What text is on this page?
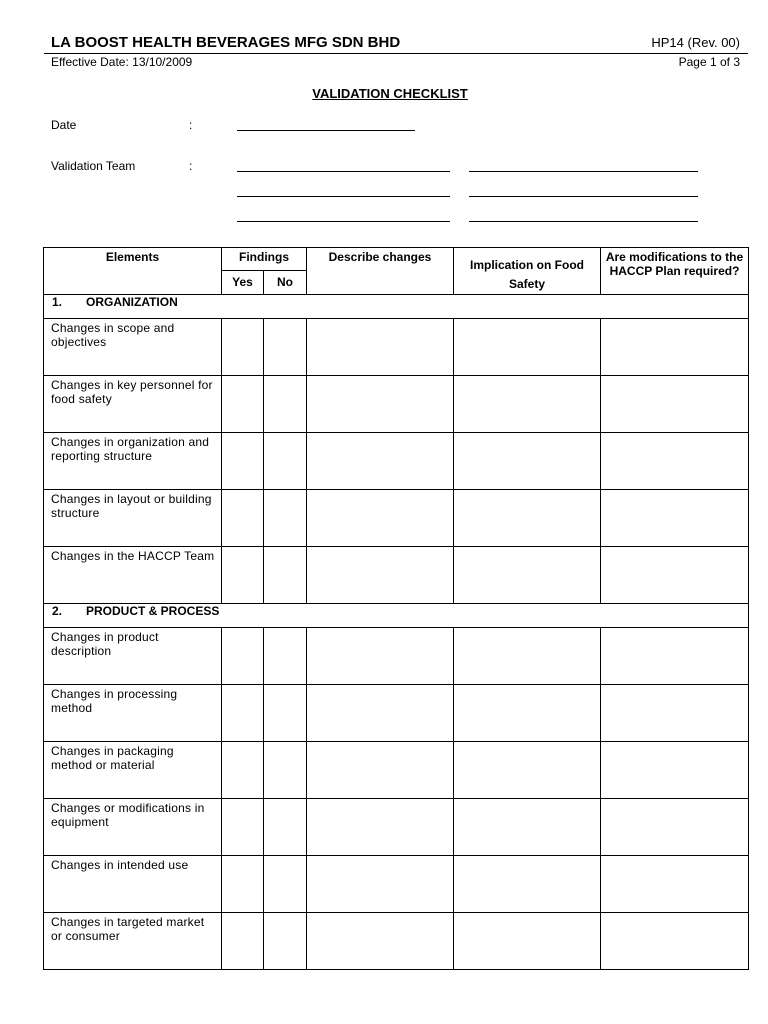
LA BOOST HEALTH BEVERAGES MFG SDN BHD	HP14 (Rev. 00)
Effective Date: 13/10/2009	Page 1 of 3
VALIDATION CHECKLIST
Date	:
Validation Team	:
Elements	Findings		Describe changes	Implication on Food Safety	Are modifications to the HACCP Plan required?

	Yes	No			

1. ORGANIZATION					

Changes in scope and objectives					

Changes in key personnel for food safety					

Changes in organization and reporting structure					

Changes in layout or building structure					

Changes in the HACCP Team					

2. PRODUCT & PROCESS					

Changes in product description					

Changes in processing method					

Changes in packaging method or material					

Changes or modifications in equipment					

Changes in intended use					

Changes in targeted market or consumer					
